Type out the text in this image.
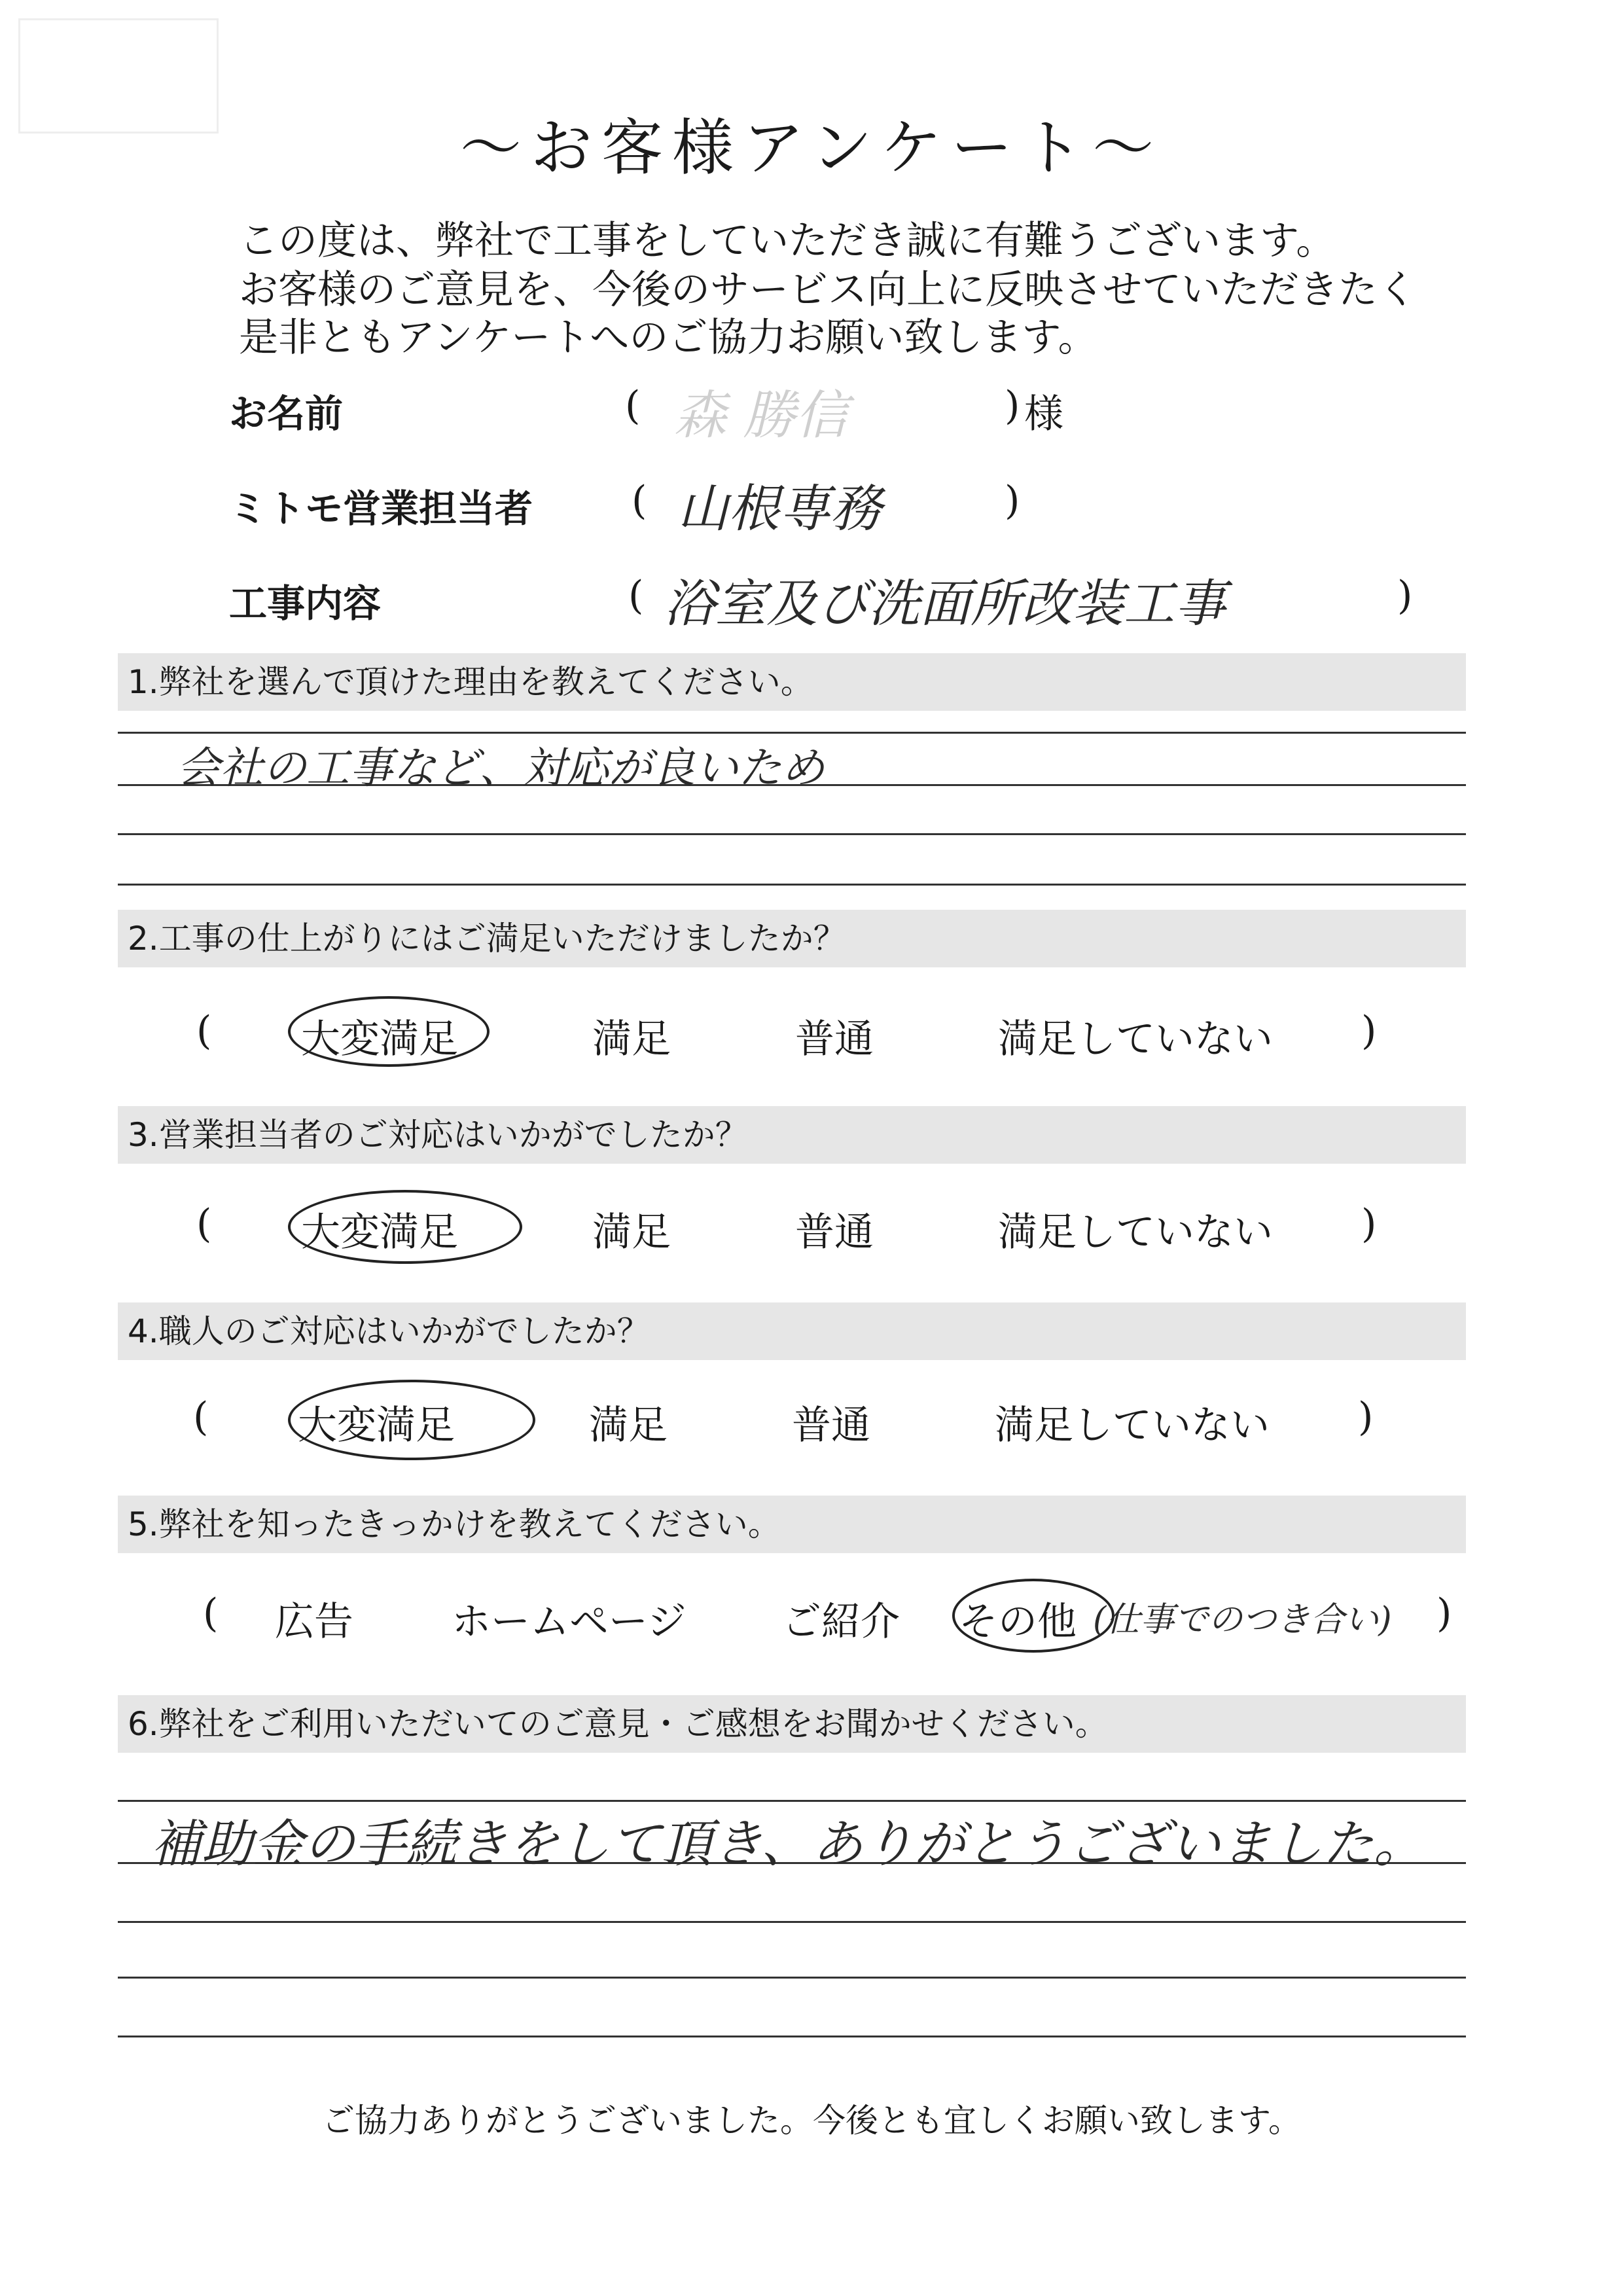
〜お客様アンケート〜
この度は、弊社で工事をしていただき誠に有難うございます。
お客様のご意見を、今後のサービス向上に反映させていただきたく
是非ともアンケートへのご協力お願い致します。
お名前	( 森 勝信	) 様
ミトモ営業担当者	( 山根専務	)
工事内容	( 浴室及び洗面所改装工事	)
1.弊社を選んで頂けた理由を教えてください。
会社の工事など、対応が良いため
2.工事の仕上がりにはご満足いただけましたか？
( 大変満足	満足	普通	満足していない )
3.営業担当者のご対応はいかがでしたか？
( 大変満足	満足	普通	満足していない )
4.職人のご対応はいかがでしたか？
( 大変満足	満足	普通	満足していない )
5.弊社を知ったきっかけを教えてください。
( 広告	ホームページ ご紹介 その他 (仕事でのつき合い) )
6.弊社をご利用いただいてのご意見・ご感想をお聞かせください。
補助金の手続きをして頂き、ありがとうございました。
ご協力ありがとうございました。今後とも宜しくお願い致します。
